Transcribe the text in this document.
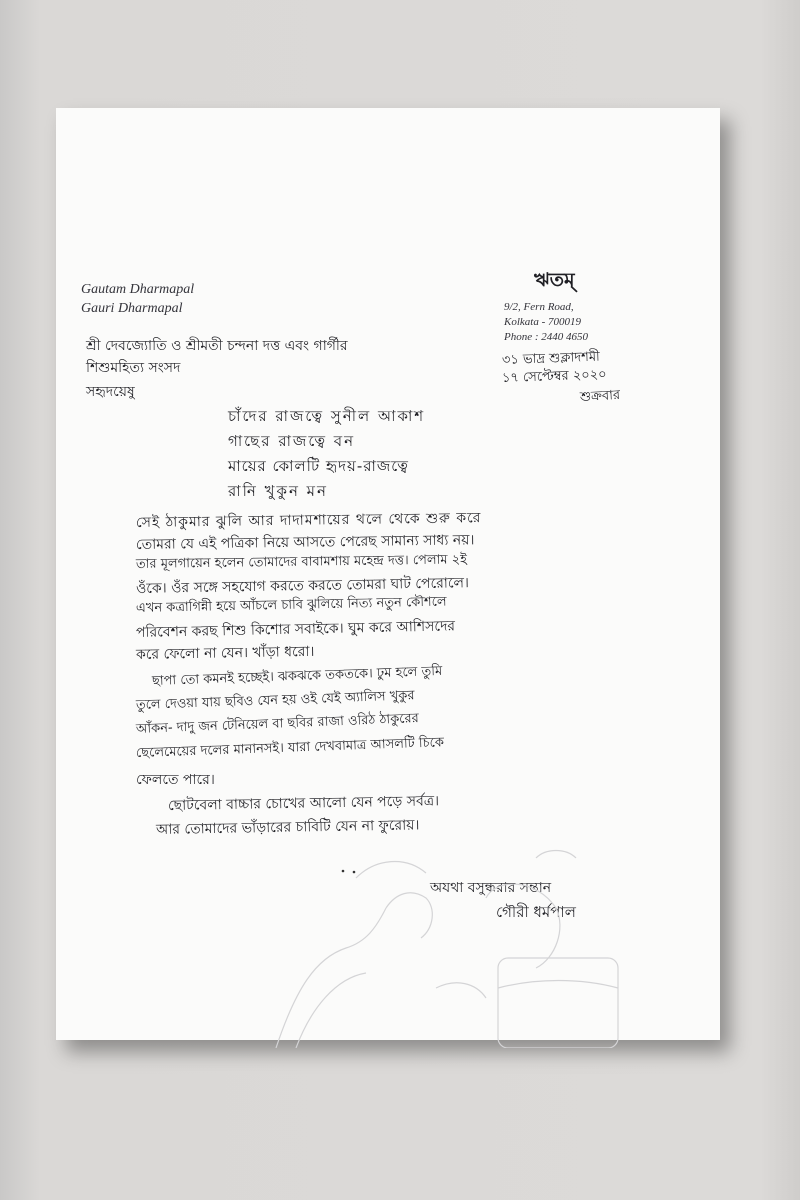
Gautam Dharmapal
Gauri Dharmapal
ঋতম্
9/2, Fern Road,
Kolkata - 700019
Phone : 2440 4650
৩১ ভাদ্র শুক্লাদশমী
১৭ সেপ্টেম্বর ২০২০
শুক্রবার
শ্রী দেবজ্যোতি ও শ্রীমতী চন্দনা দত্ত এবং গার্গীর
শিশুমহিত্য সংসদ
সহৃদয়েষু
চাঁদের রাজত্বে সুনীল আকাশ
গাছের রাজত্বে বন
মায়ের কোলটি হৃদয়-রাজত্বে
রানি খুকুন মন
সেই ঠাকুমার ঝুলি আর দাদামশায়ের থলে থেকে শুরু করে
তোমরা যে এই পত্রিকা নিয়ে আসতে পেরেছ সামান্য সাধ্য নয়।
তার মূলগায়েন হলেন তোমাদের বাবামশায় মহেন্দ্র দত্ত। পেলাম ২ই
ওঁকে। ওঁর সঙ্গে সহযোগ করতে করতে তোমরা ঘাট পেরোলে।
এখন কত্রাগিন্নী হয়ে আঁচলে চাবি ঝুলিয়ে নিত্য নতুন কৌশলে
পরিবেশন করছ শিশু কিশোর সবাইকে। ঘুম করে আশিসদের
করে ফেলো না যেন। খাঁড়া ধরো।
ছাপা তো কমনই হচ্ছেই। ঝকঝকে তকতকে। ঢুম হলে তুমি
তুলে দেওয়া যায় ছবিও যেন হয় ওই যেই অ্যালিস খুকুর
আঁকন- দাদু জন টেনিয়েল বা ছবির রাজা ওরিঠ ঠাকুরের
ছেলেমেয়ের দলের মানানসই। যারা দেখবামাত্র আসলটি চিকে
ফেলতে পারে।
ছোটবেলা বাচ্চার চোখের আলো যেন পড়ে সর্বত্র।
আর তোমাদের ভাঁড়ারের চাবিটি যেন না ফুরোয়।
অযথা বসুন্ধরার সন্তান
গৌরী ধর্মপাল
